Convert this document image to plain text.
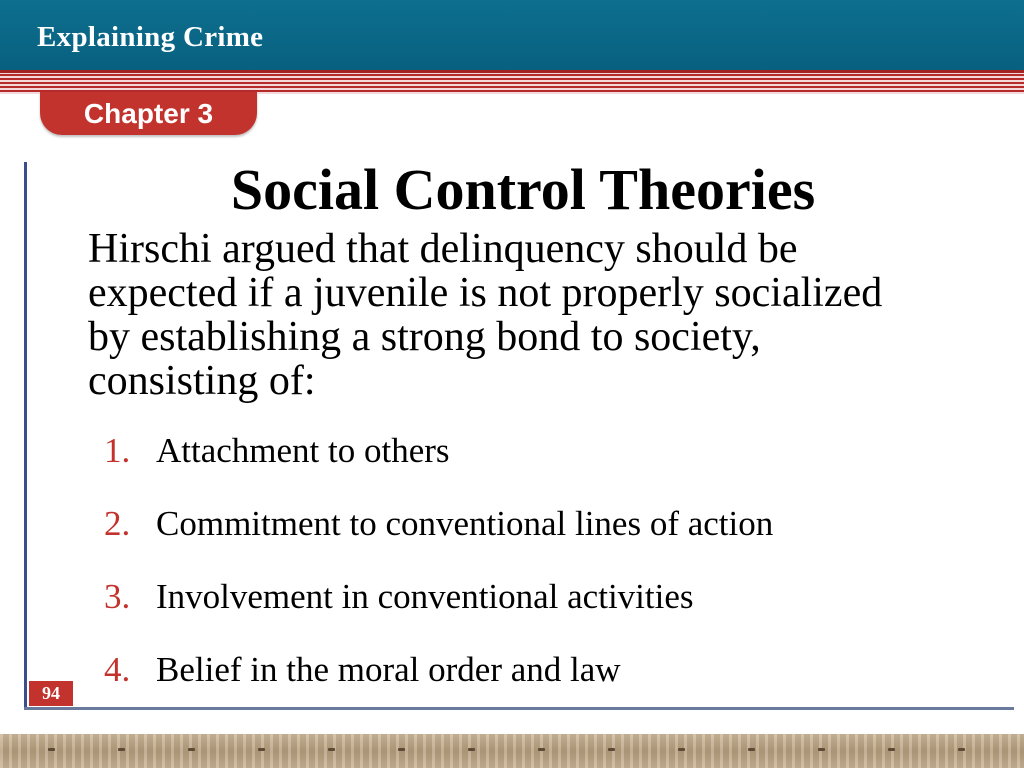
Explaining Crime
Chapter 3
Social Control Theories
Hirschi argued that delinquency should be expected if a juvenile is not properly socialized by establishing a strong bond to society, consisting of:
1. Attachment to others
2. Commitment to conventional lines of action
3. Involvement in conventional activities
4. Belief in the moral order and law
94
